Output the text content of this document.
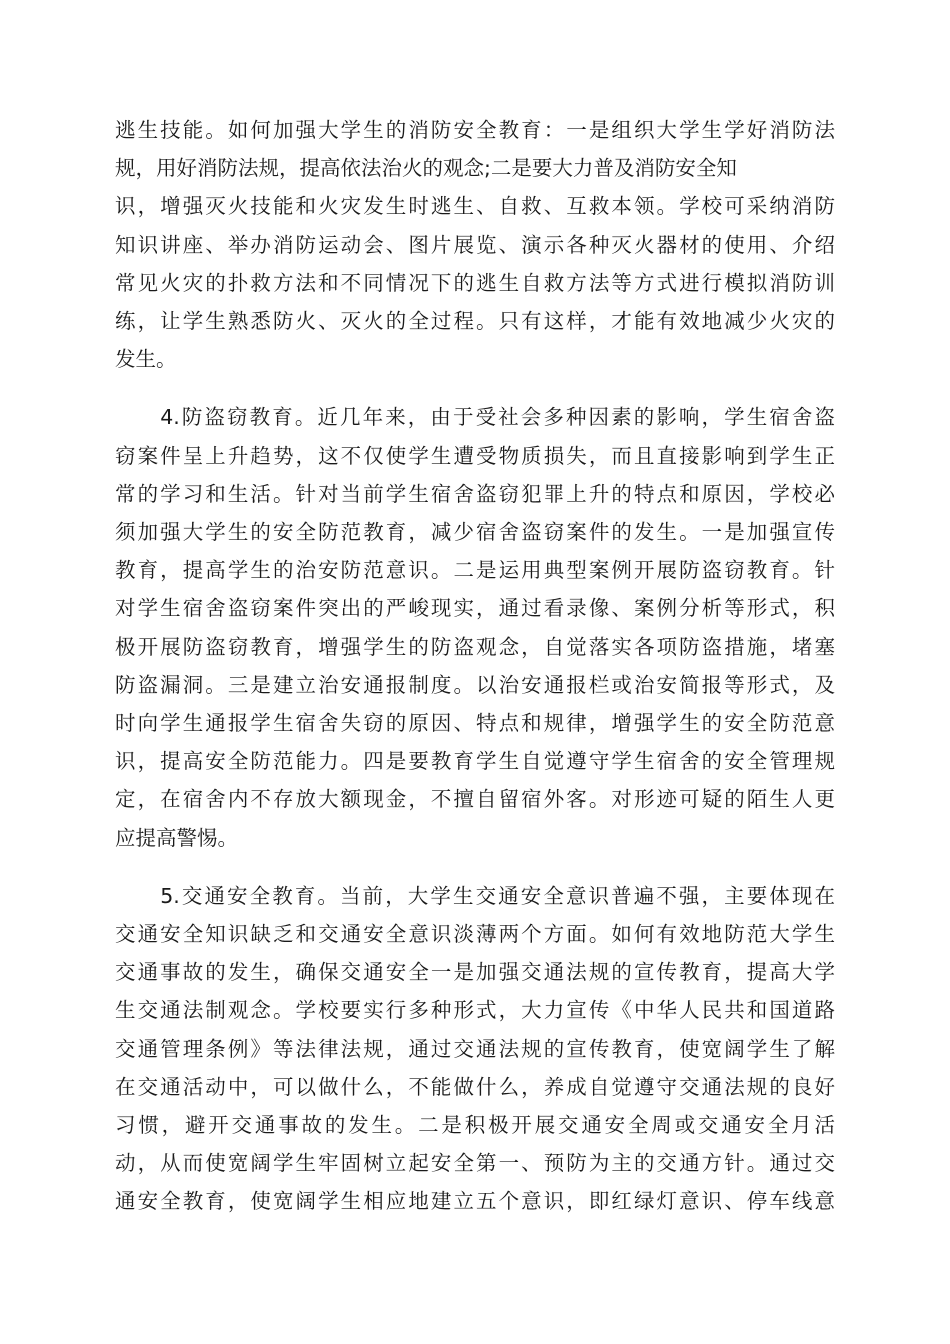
逃生技能。如何加强大学生的消防安全教育：一是组织大学生学好消防法
规，用好消防法规，提高依法治火的观念;二是要大力普及消防安全知
识，增强灭火技能和火灾发生时逃生、自救、互救本领。学校可采纳消防
知识讲座、举办消防运动会、图片展览、演示各种灭火器材的使用、介绍
常见火灾的扑救方法和不同情况下的逃生自救方法等方式进行模拟消防训
练，让学生熟悉防火、灭火的全过程。只有这样，才能有效地减少火灾的
发生。
　　4.防盗窃教育。近几年来，由于受社会多种因素的影响，学生宿舍盗
窃案件呈上升趋势，这不仅使学生遭受物质损失，而且直接影响到学生正
常的学习和生活。针对当前学生宿舍盗窃犯罪上升的特点和原因，学校必
须加强大学生的安全防范教育，减少宿舍盗窃案件的发生。一是加强宣传
教育，提高学生的治安防范意识。二是运用典型案例开展防盗窃教育。针
对学生宿舍盗窃案件突出的严峻现实，通过看录像、案例分析等形式，积
极开展防盗窃教育，增强学生的防盗观念，自觉落实各项防盗措施，堵塞
防盗漏洞。三是建立治安通报制度。以治安通报栏或治安简报等形式，及
时向学生通报学生宿舍失窃的原因、特点和规律，增强学生的安全防范意
识，提高安全防范能力。四是要教育学生自觉遵守学生宿舍的安全管理规
定，在宿舍内不存放大额现金，不擅自留宿外客。对形迹可疑的陌生人更
应提高警惕。
　　5.交通安全教育。当前，大学生交通安全意识普遍不强，主要体现在
交通安全知识缺乏和交通安全意识淡薄两个方面。如何有效地防范大学生
交通事故的发生，确保交通安全一是加强交通法规的宣传教育，提高大学
生交通法制观念。学校要实行多种形式，大力宣传《中华人民共和国道路
交通管理条例》等法律法规，通过交通法规的宣传教育，使宽阔学生了解
在交通活动中，可以做什么，不能做什么，养成自觉遵守交通法规的良好
习惯，避开交通事故的发生。二是积极开展交通安全周或交通安全月活
动，从而使宽阔学生牢固树立起安全第一、预防为主的交通方针。通过交
通安全教育，使宽阔学生相应地建立五个意识，即红绿灯意识、停车线意
